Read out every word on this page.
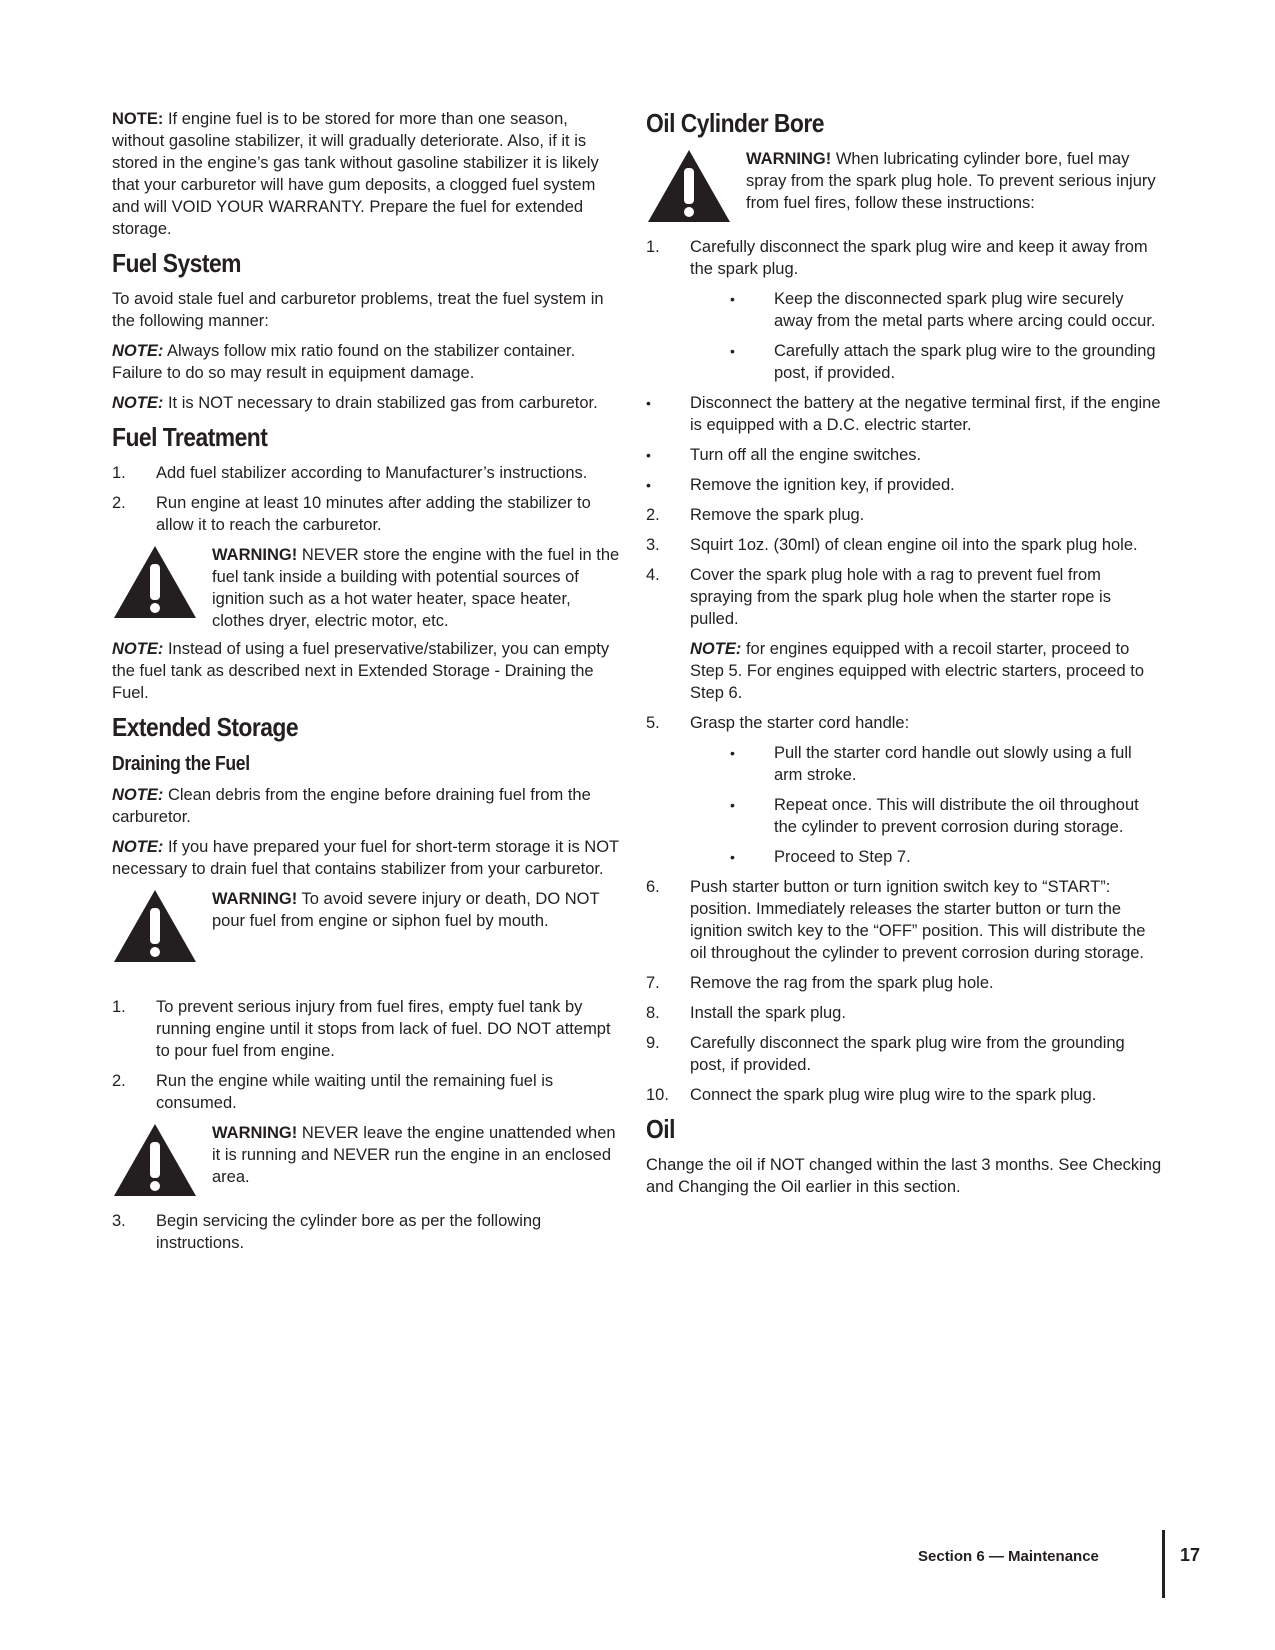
NOTE: If engine fuel is to be stored for more than one season, without gasoline stabilizer, it will gradually deteriorate. Also, if it is stored in the engine’s gas tank without gasoline stabilizer it is likely that your carburetor will have gum deposits, a clogged fuel system and will VOID YOUR WARRANTY. Prepare the fuel for extended storage.

Fuel System

To avoid stale fuel and carburetor problems, treat the fuel system in the following manner:

NOTE: Always follow mix ratio found on the stabilizer container. Failure to do so may result in equipment damage.

NOTE: It is NOT necessary to drain stabilized gas from carburetor.

Fuel Treatment
1.	Add fuel stabilizer according to Manufacturer’s instructions.
2.	Run engine at least 10 minutes after adding the stabilizer to allow it to reach the carburetor.
WARNING! NEVER store the engine with the fuel in the fuel tank inside a building with potential sources of ignition such as a hot water heater, space heater, clothes dryer, electric motor, etc.

NOTE: Instead of using a fuel preservative/stabilizer, you can empty the fuel tank as described next in Extended Storage - Draining the Fuel.

Extended Storage
Draining the Fuel

NOTE: Clean debris from the engine before draining fuel from the carburetor.

NOTE: If you have prepared your fuel for short-term storage it is NOT necessary to drain fuel that contains stabilizer from your carburetor.

WARNING! To avoid severe injury or death, DO NOT pour fuel from engine or siphon fuel by mouth.
1.	To prevent serious injury from fuel fires, empty fuel tank by running engine until it stops from lack of fuel. DO NOT attempt to pour fuel from engine.
2.	Run the engine while waiting until the remaining fuel is consumed.
WARNING! NEVER leave the engine unattended when it is running and NEVER run the engine in an enclosed area.
3.	Begin servicing the cylinder bore as per the following instructions.
Oil Cylinder Bore
WARNING! When lubricating cylinder bore, fuel may spray from the spark plug hole. To prevent serious injury from fuel fires, follow these instructions:
1.	Carefully disconnect the spark plug wire and keep it away from the spark plug.
•	Keep the disconnected spark plug wire securely away from the metal parts where arcing could occur.
•	Carefully attach the spark plug wire to the grounding post, if provided.
•	Disconnect the battery at the negative terminal first, if the engine is equipped with a D.C. electric starter.
•	Turn off all the engine switches.
•	Remove the ignition key, if provided.
2.	Remove the spark plug.
3.	Squirt 1oz. (30ml) of clean engine oil into the spark plug hole.
4.	Cover the spark plug hole with a rag to prevent fuel from spraying from the spark plug hole when the starter rope is pulled.

NOTE: for engines equipped with a recoil starter, proceed to Step 5. For engines equipped with electric starters, proceed to Step 6.

5.	Grasp the starter cord handle:
•	Pull the starter cord handle out slowly using a full arm stroke.
•	Repeat once. This will distribute the oil throughout the cylinder to prevent corrosion during storage.
•	Proceed to Step 7.
6.	Push starter button or turn ignition switch key to “START”: position. Immediately releases the starter button or turn the ignition switch key to the “OFF” position. This will distribute the oil throughout the cylinder to prevent corrosion during storage.
7.	Remove the rag from the spark plug hole.
8.	Install the spark plug.
9.	Carefully disconnect the spark plug wire from the grounding post, if provided.
10.	Connect the spark plug wire plug wire to the spark plug.
Oil

Change the oil if NOT changed within the last 3 months. See Checking and Changing the Oil earlier in this section.

Section 6 — Maintenance	17
